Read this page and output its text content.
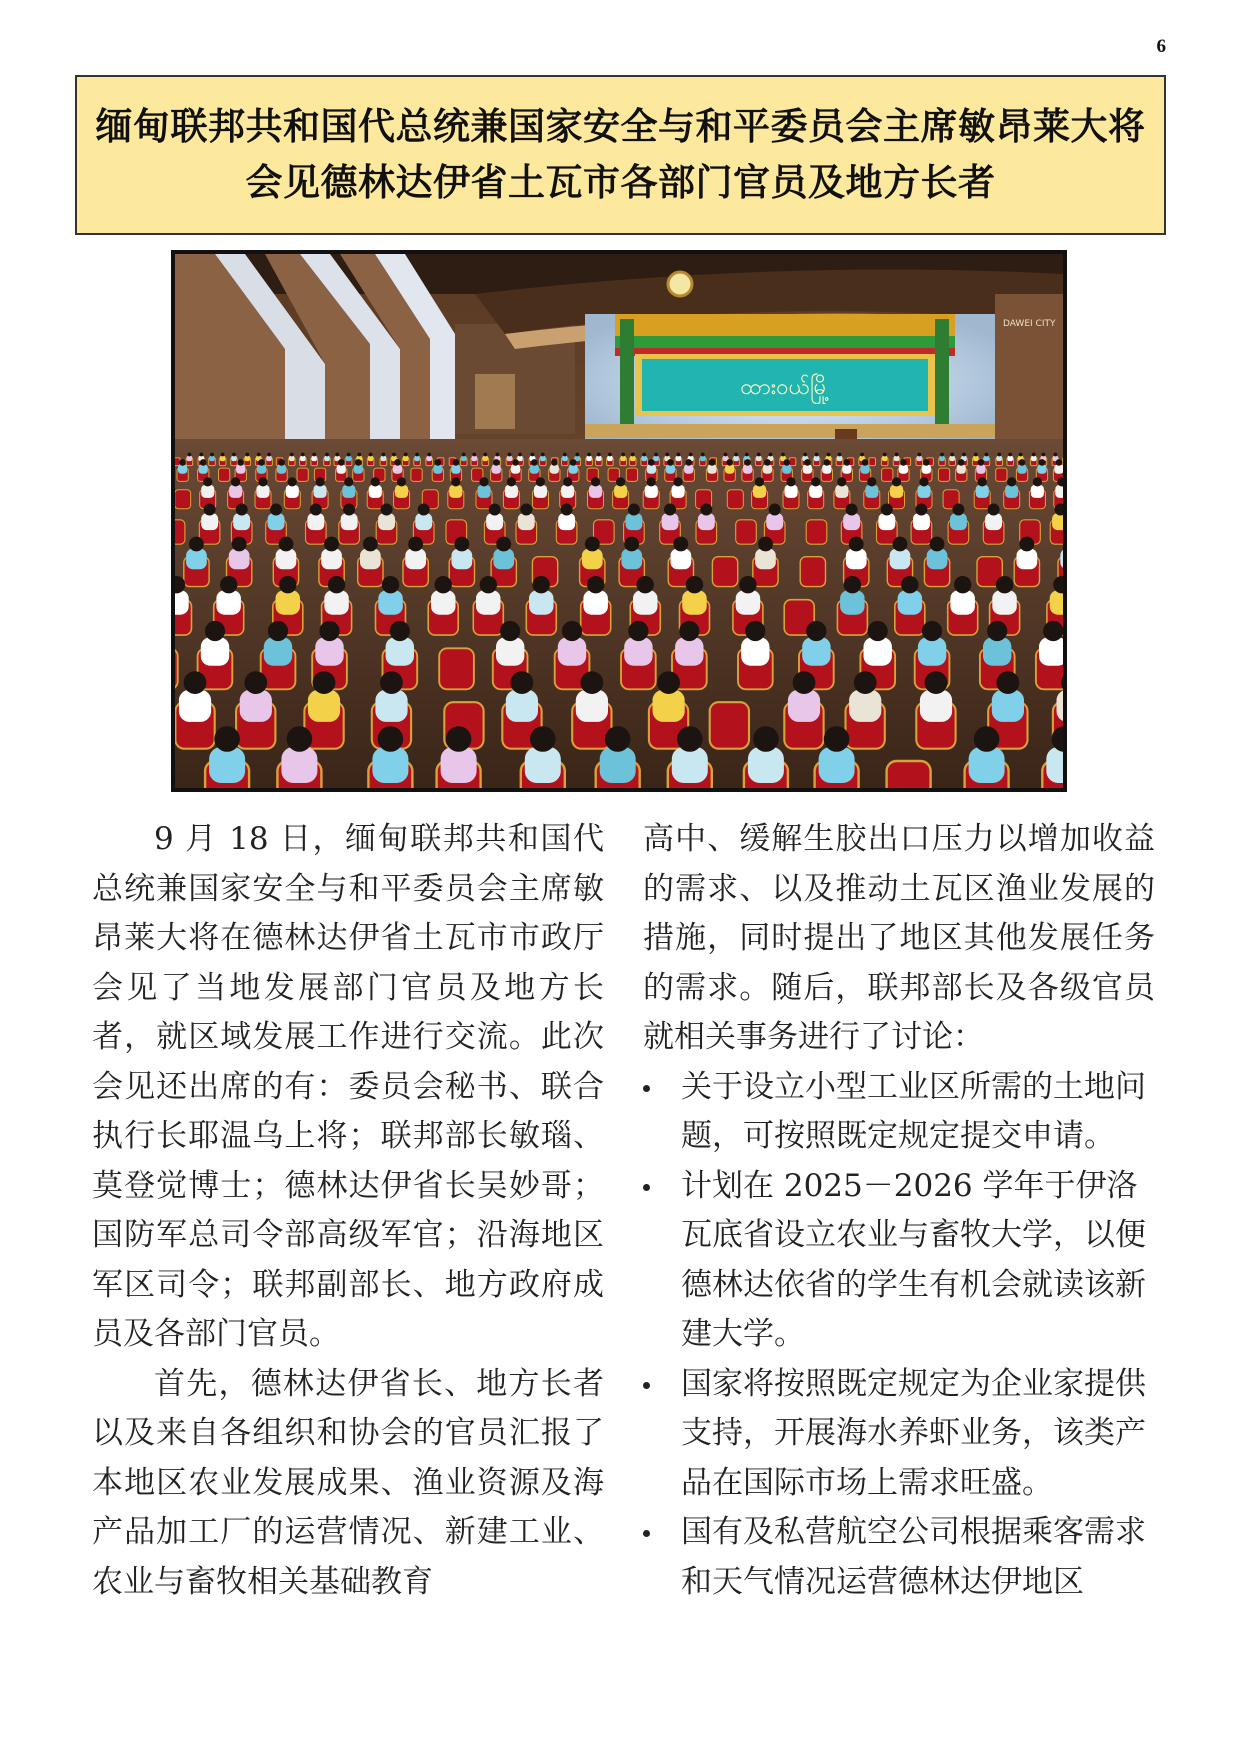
6
缅甸联邦共和国代总统兼国家安全与和平委员会主席敏昂莱大将
会见德林达伊省土瓦市各部门官员及地方长者
ထားဝယ်မြို့
DAWEI CITY

9 月 18 日，缅甸联邦共和国代总统兼国家安全与和平委员会主席敏昂莱大将在德林达伊省土瓦市市政厅会见了当地发展部门官员及地方长者，就区域发展工作进行交流。此次会见还出席的有：委员会秘书、联合执行长耶温乌上将；联邦部长敏瑙、莫登觉博士；德林达伊省长吴妙哥；国防军总司令部高级军官；沿海地区军区司令；联邦副部长、地方政府成员及各部门官员。

首先，德林达伊省长、地方长者以及来自各组织和协会的官员汇报了本地区农业发展成果、渔业资源及海产品加工厂的运营情况、新建工业、农业与畜牧相关基础教育

高中、缓解生胶出口压力以增加收益的需求、以及推动土瓦区渔业发展的措施，同时提出了地区其他发展任务的需求。随后，联邦部长及各级官员就相关事务进行了讨论：

关于设立小型工业区所需的土地问题，可按照既定规定提交申请。
计划在 2025－2026 学年于伊洛瓦底省设立农业与畜牧大学，以便德林达依省的学生有机会就读该新建大学。
国家将按照既定规定为企业家提供支持，开展海水养虾业务，该类产品在国际市场上需求旺盛。
国有及私营航空公司根据乘客需求和天气情况运营德林达伊地区
